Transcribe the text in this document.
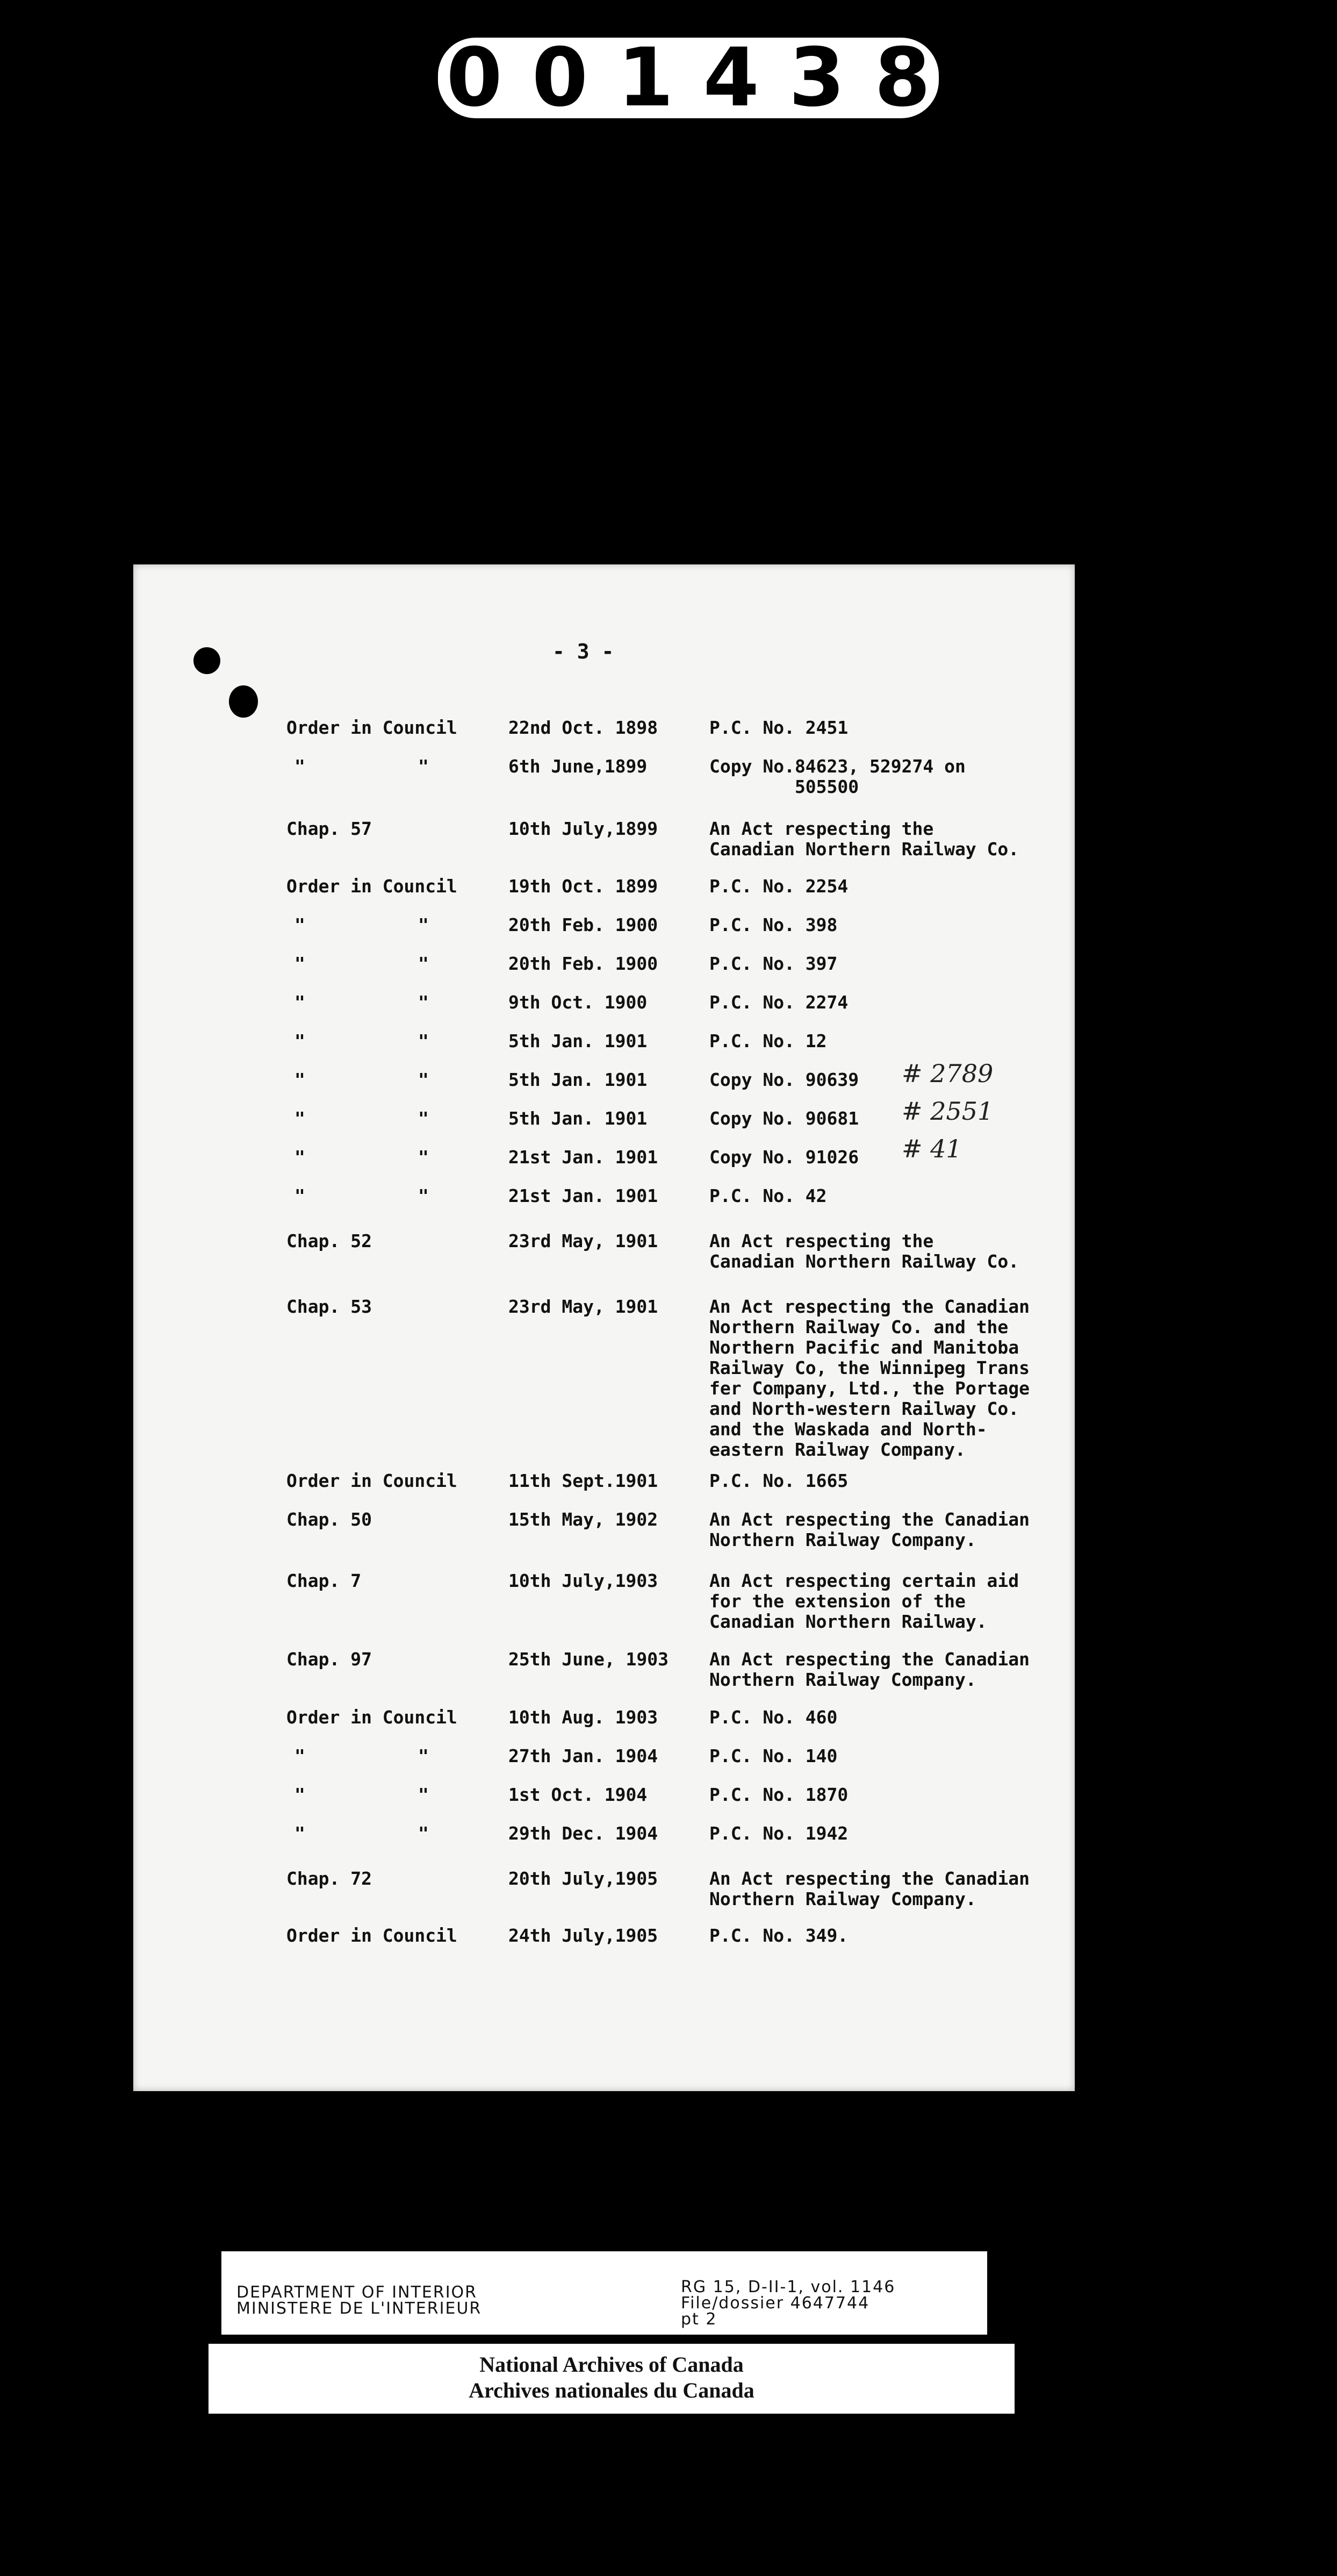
001438
- 3 -
Order in Council	22nd Oct. 1898	P.C. No. 2451
"	"	6th June,1899	Copy No.84623, 529274 on
505500
Chap. 57	10th July,1899	An Act respecting the
Canadian Northern Railway Co.
Order in Council	19th Oct. 1899	P.C. No. 2254
"	"	20th Feb. 1900	P.C. No. 398
"	"	20th Feb. 1900	P.C. No. 397
"	"	9th Oct. 1900	P.C. No. 2274
"	"	5th Jan. 1901	P.C. No. 12
"	"	5th Jan. 1901	Copy No. 90639
"	"	5th Jan. 1901	Copy No. 90681
"	"	21st Jan. 1901	Copy No. 91026
"	"	21st Jan. 1901	P.C. No. 42
Chap. 52	23rd May, 1901	An Act respecting the
Canadian Northern Railway Co.
Chap. 53	23rd May, 1901	An Act respecting the Canadian
Northern Railway Co. and the
Northern Pacific and Manitoba
Railway Co, the Winnipeg Trans
fer Company, Ltd., the Portage
and North-western Railway Co.
and the Waskada and North-
eastern Railway Company.
Order in Council	11th Sept.1901	P.C. No. 1665
Chap. 50	15th May, 1902	An Act respecting the Canadian
Northern Railway Company.
Chap. 7	10th July,1903	An Act respecting certain aid
for the extension of the
Canadian Northern Railway.
Chap. 97	25th June, 1903 An Act respecting the Canadian
Northern Railway Company.
Order in Council	10th Aug. 1903	P.C. No. 460
"	"	27th Jan. 1904	P.C. No. 140
"	"	1st Oct. 1904	P.C. No. 1870
"	"	29th Dec. 1904	P.C. No. 1942
Chap. 72	20th July,1905	An Act respecting the Canadian
Northern Railway Company.
Order in Council	24th July,1905	P.C. No. 349.
# 2789
# 2551
# 41
DEPARTMENT OF INTERIOR
MINISTERE DE L'INTERIEUR
RG 15, D-II-1, vol. 1146
File/dossier 4647744
pt 2
National Archives of Canada
Archives nationales du Canada
